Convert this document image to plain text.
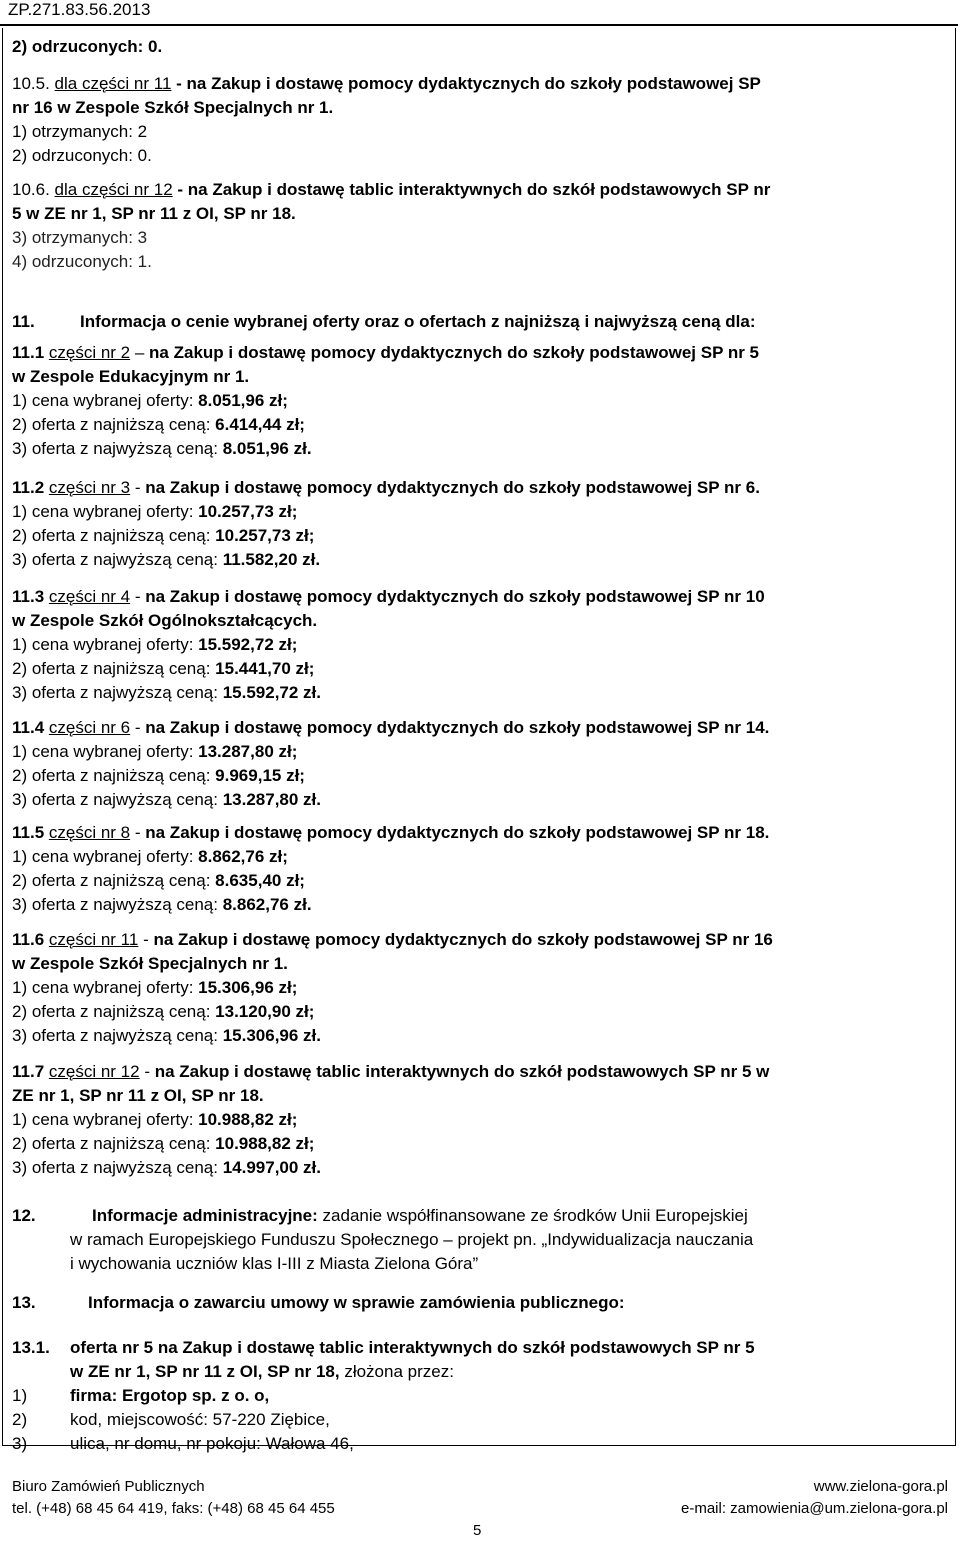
ZP.271.83.56.2013
2) odrzuconych: 0.
10.5. dla części nr 11 - na Zakup i dostawę pomocy dydaktycznych do szkoły podstawowej SP
nr 16 w Zespole Szkół Specjalnych nr 1.
1) otrzymanych: 2
2) odrzuconych: 0.
10.6. dla części nr 12 - na Zakup i dostawę tablic interaktywnych do szkół podstawowych SP nr
5 w ZE nr 1, SP nr 11 z OI, SP nr 18.
3) otrzymanych: 3
4) odrzuconych: 1.
11.	Informacja o cenie wybranej oferty oraz o ofertach z najniższą i najwyższą ceną dla:
11.1 części nr 2 – na Zakup i dostawę pomocy dydaktycznych do szkoły podstawowej SP nr 5
w Zespole Edukacyjnym nr 1.
1) cena wybranej oferty: 8.051,96 zł;
2) oferta z najniższą ceną: 6.414,44 zł;
3) oferta z najwyższą ceną: 8.051,96 zł.
11.2 części nr 3 - na Zakup i dostawę pomocy dydaktycznych do szkoły podstawowej SP nr 6.
1) cena wybranej oferty: 10.257,73 zł;
2) oferta z najniższą ceną: 10.257,73 zł;
3) oferta z najwyższą ceną: 11.582,20 zł.
11.3 części nr 4 - na Zakup i dostawę pomocy dydaktycznych do szkoły podstawowej SP nr 10
w Zespole Szkół Ogólnokształcących.
1) cena wybranej oferty: 15.592,72 zł;
2) oferta z najniższą ceną: 15.441,70 zł;
3) oferta z najwyższą ceną: 15.592,72 zł.
11.4 części nr 6 - na Zakup i dostawę pomocy dydaktycznych do szkoły podstawowej SP nr 14.
1) cena wybranej oferty: 13.287,80 zł;
2) oferta z najniższą ceną: 9.969,15 zł;
3) oferta z najwyższą ceną: 13.287,80 zł.
11.5 części nr 8 - na Zakup i dostawę pomocy dydaktycznych do szkoły podstawowej SP nr 18.
1) cena wybranej oferty: 8.862,76 zł;
2) oferta z najniższą ceną: 8.635,40 zł;
3) oferta z najwyższą ceną: 8.862,76 zł.
11.6 części nr 11 - na Zakup i dostawę pomocy dydaktycznych do szkoły podstawowej SP nr 16
w Zespole Szkół Specjalnych nr 1.
1) cena wybranej oferty: 15.306,96 zł;
2) oferta z najniższą ceną: 13.120,90 zł;
3) oferta z najwyższą ceną: 15.306,96 zł.
11.7 części nr 12 - na Zakup i dostawę tablic interaktywnych do szkół podstawowych SP nr 5 w
ZE nr 1, SP nr 11 z OI, SP nr 18.
1) cena wybranej oferty: 10.988,82 zł;
2) oferta z najniższą ceną: 10.988,82 zł;
3) oferta z najwyższą ceną: 14.997,00 zł.
12.	Informacje administracyjne: zadanie współfinansowane ze środków Unii Europejskiej
w ramach Europejskiego Funduszu Społecznego – projekt pn. „Indywidualizacja nauczania
i wychowania uczniów klas I-III z Miasta Zielona Góra”
13.	Informacja o zawarciu umowy w sprawie zamówienia publicznego:
13.1. oferta nr 5 na Zakup i dostawę tablic interaktywnych do szkół podstawowych SP nr 5
w ZE nr 1, SP nr 11 z OI, SP nr 18, złożona przez:
1)	firma: Ergotop sp. z o. o,
2)	kod, miejscowość: 57-220 Ziębice,
3)	ulica, nr domu, nr pokoju: Wałowa 46,
Biuro Zamówień Publicznych
tel. (+48) 68 45 64 419, faks: (+48) 68 45 64 455
www.zielona-gora.pl
e-mail: zamowienia@um.zielona-gora.pl
5
